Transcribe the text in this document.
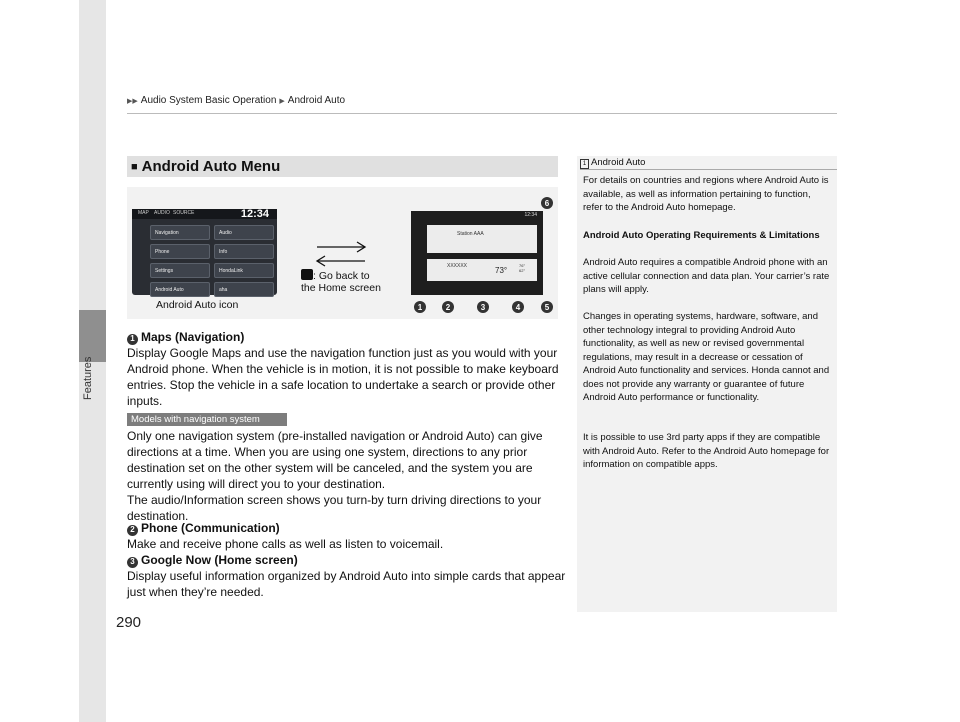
Features
▶▶ Audio System Basic Operation ▶ Android Auto
■ Android Auto Menu
MAP AUDIO SOURCE	12:34
Navigation	Audio
Phone	Info
Settings	HondaLink
Android Auto	aha
: Go back to
the Home screen
Android Auto icon
12:34
Station AAA
XXXXXX	73°
76°
62°
1	2	3	4	5
6
1 Maps (Navigation)
Display Google Maps and use the navigation function just as you would with your Android phone. When the vehicle is in motion, it is not possible to make keyboard entries. Stop the vehicle in a safe location to undertake a search or provide other inputs.
Models with navigation system
Only one navigation system (pre-installed navigation or Android Auto) can give directions at a time. When you are using one system, directions to any prior destination set on the other system will be canceled, and the system you are currently using will direct you to your destination.
The audio/Information screen shows you turn-by turn driving directions to your destination.
2 Phone (Communication)
Make and receive phone calls as well as listen to voicemail.
3 Google Now (Home screen)
Display useful information organized by Android Auto into simple cards that appear just when they’re needed.
290
1 Android Auto
For details on countries and regions where Android Auto is available, as well as information pertaining to function, refer to the Android Auto homepage.
Android Auto Operating Requirements & Limitations
Android Auto requires a compatible Android phone with an active cellular connection and data plan. Your carrier’s rate plans will apply.
Changes in operating systems, hardware, software, and other technology integral to providing Android Auto functionality, as well as new or revised governmental regulations, may result in a decrease or cessation of Android Auto functionality and services. Honda cannot and does not provide any warranty or guarantee of future Android Auto performance or functionality.
It is possible to use 3rd party apps if they are compatible with Android Auto. Refer to the Android Auto homepage for information on compatible apps.
